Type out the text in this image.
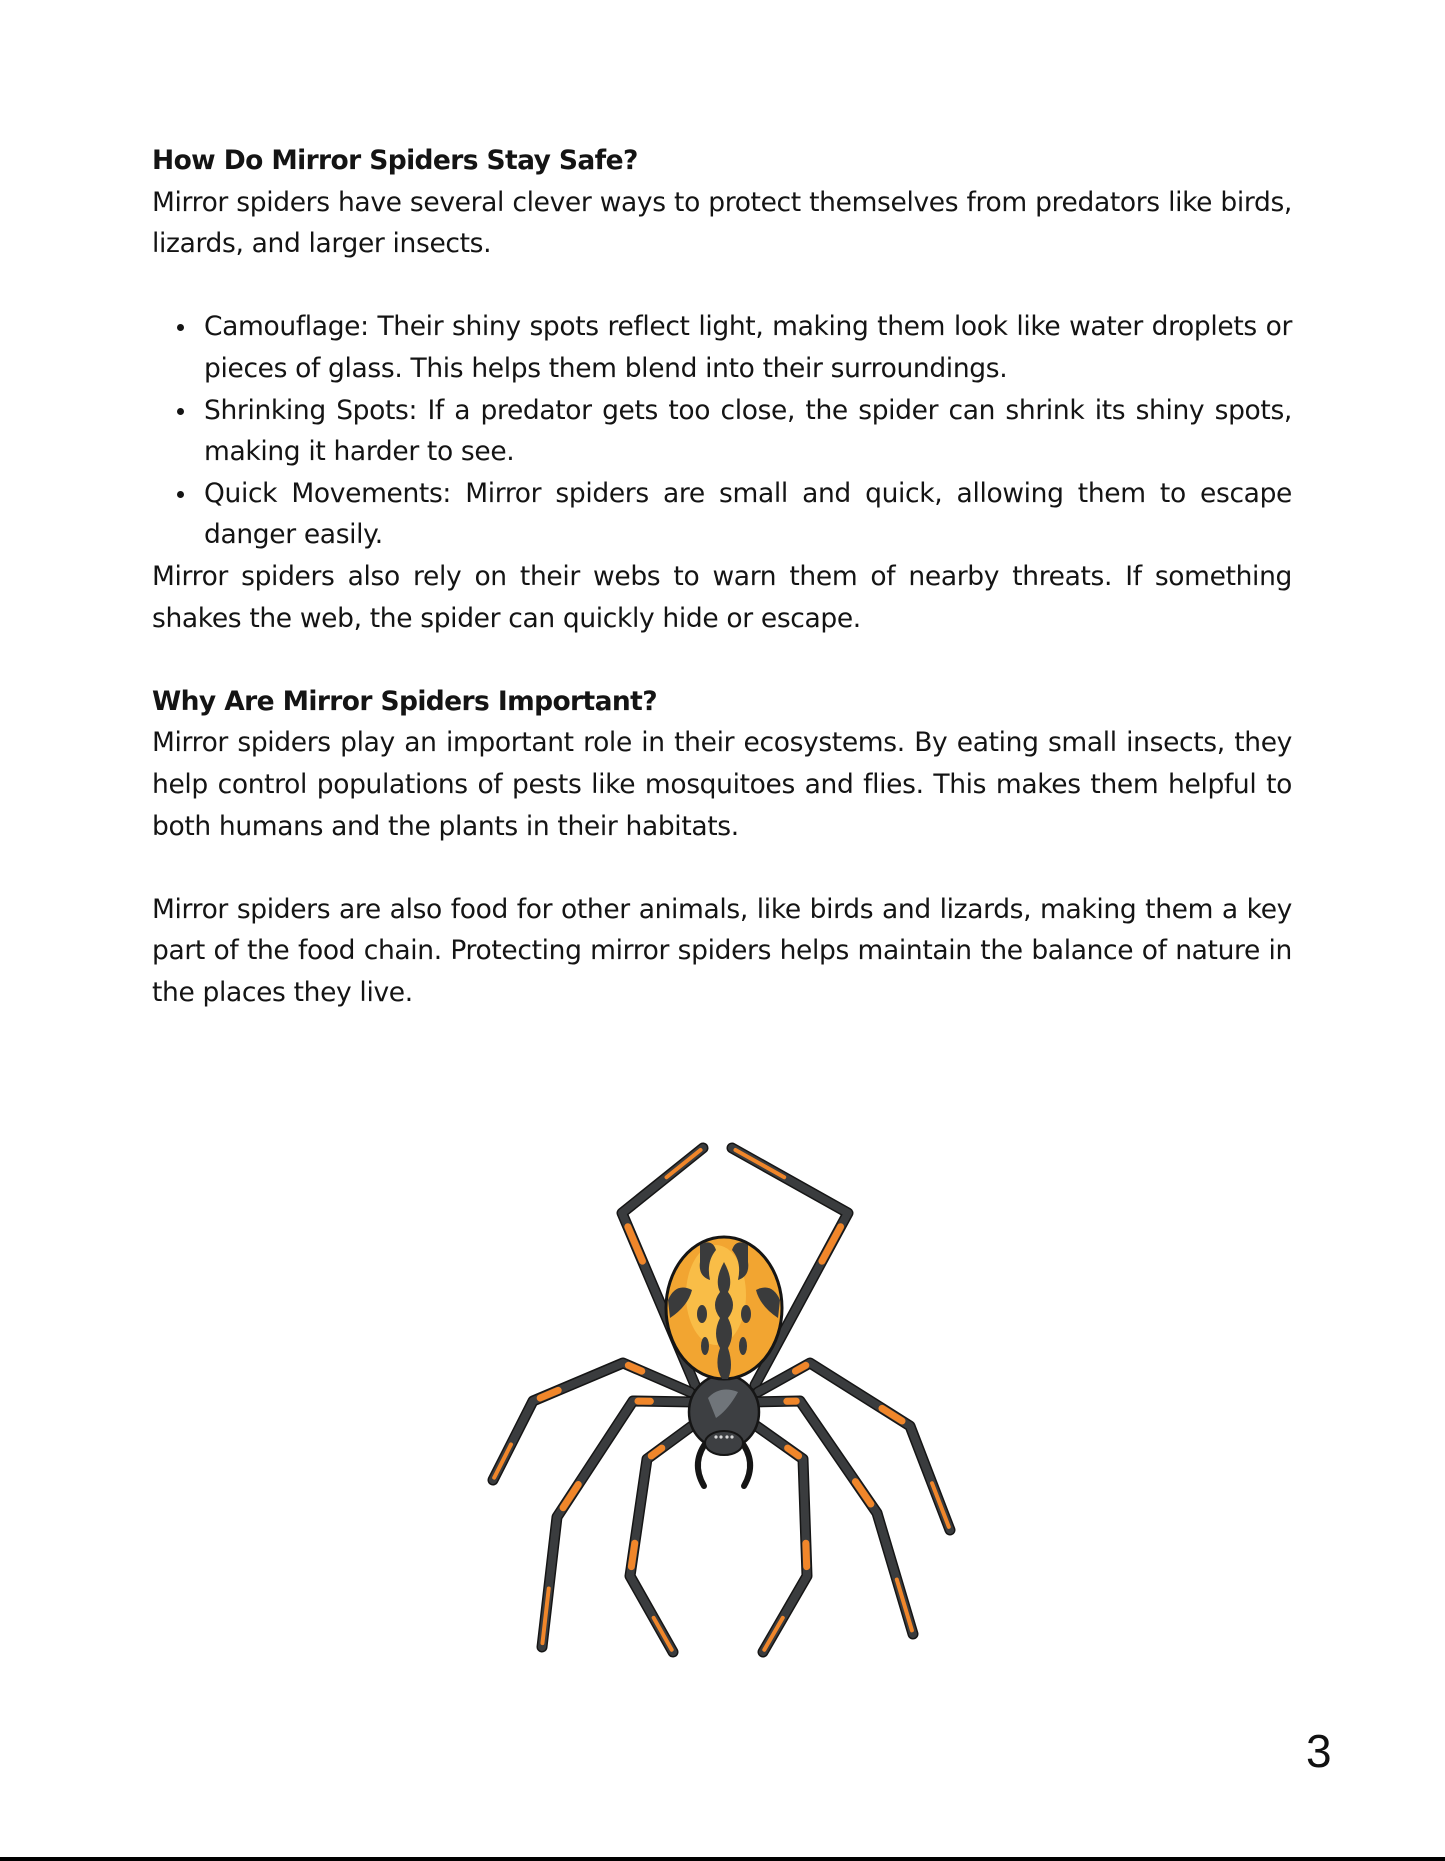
How Do Mirror Spiders Stay Safe?

Mirror spiders have several clever ways to protect themselves from predators like birds, lizards, and larger insects.

Camouflage: Their shiny spots reflect light, making them look like water droplets or pieces of glass. This helps them blend into their surroundings.
Shrinking Spots: If a predator gets too close, the spider can shrink its shiny spots, making it harder to see.
Quick Movements: Mirror spiders are small and quick, allowing them to escape danger easily.

Mirror spiders also rely on their webs to warn them of nearby threats. If something shakes the web, the spider can quickly hide or escape.

Why Are Mirror Spiders Important?

Mirror spiders play an important role in their ecosystems. By eating small insects, they help control populations of pests like mosquitoes and flies. This makes them helpful to both humans and the plants in their habitats.

Mirror spiders are also food for other animals, like birds and lizards, making them a key part of the food chain. Protecting mirror spiders helps maintain the balance of nature in the places they live.

3
